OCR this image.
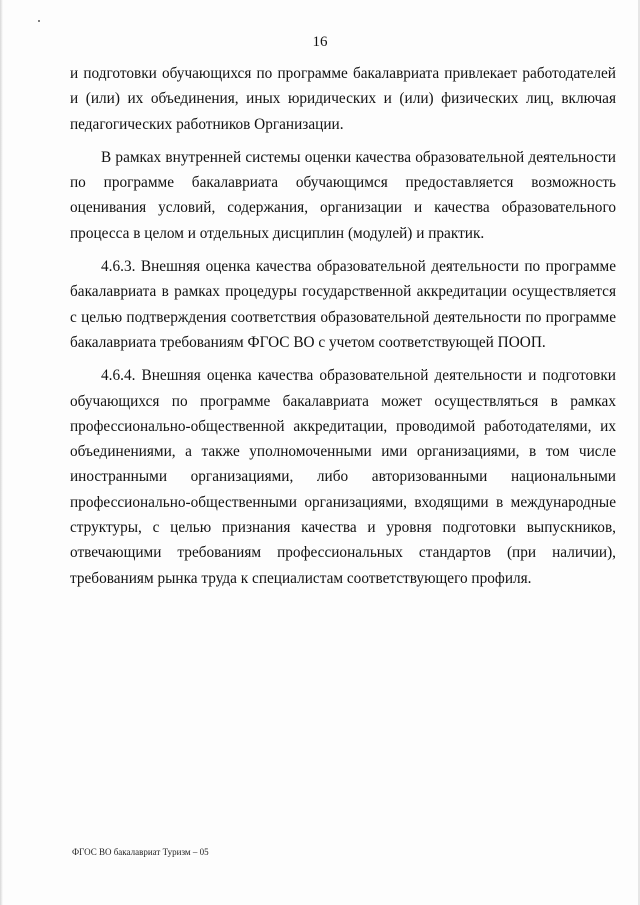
16

и подготовки обучающихся по программе бакалавриата привлекает работодателей и (или) их объединения, иных юридических и (или) физических лиц, включая педагогических работников Организации.

В рамках внутренней системы оценки качества образовательной деятельности по программе бакалавриата обучающимся предоставляется возможность оценивания условий, содержания, организации и качества образовательного процесса в целом и отдельных дисциплин (модулей) и практик.

4.6.3. Внешняя оценка качества образовательной деятельности по программе бакалавриата в рамках процедуры государственной аккредитации осуществляется с целью подтверждения соответствия образовательной деятельности по программе бакалавриата требованиям ФГОС ВО с учетом соответствующей ПООП.

4.6.4. Внешняя оценка качества образовательной деятельности и подготовки обучающихся по программе бакалавриата может осуществляться в рамках профессионально-общественной аккредитации, проводимой работодателями, их объединениями, а также уполномоченными ими организациями, в том числе иностранными организациями, либо авторизованными национальными профессионально-общественными организациями, входящими в международные структуры, с целью признания качества и уровня подготовки выпускников, отвечающими требованиям профессиональных стандартов (при наличии), требованиям рынка труда к специалистам соответствующего профиля.

ФГОС ВО бакалавриат Туризм – 05
